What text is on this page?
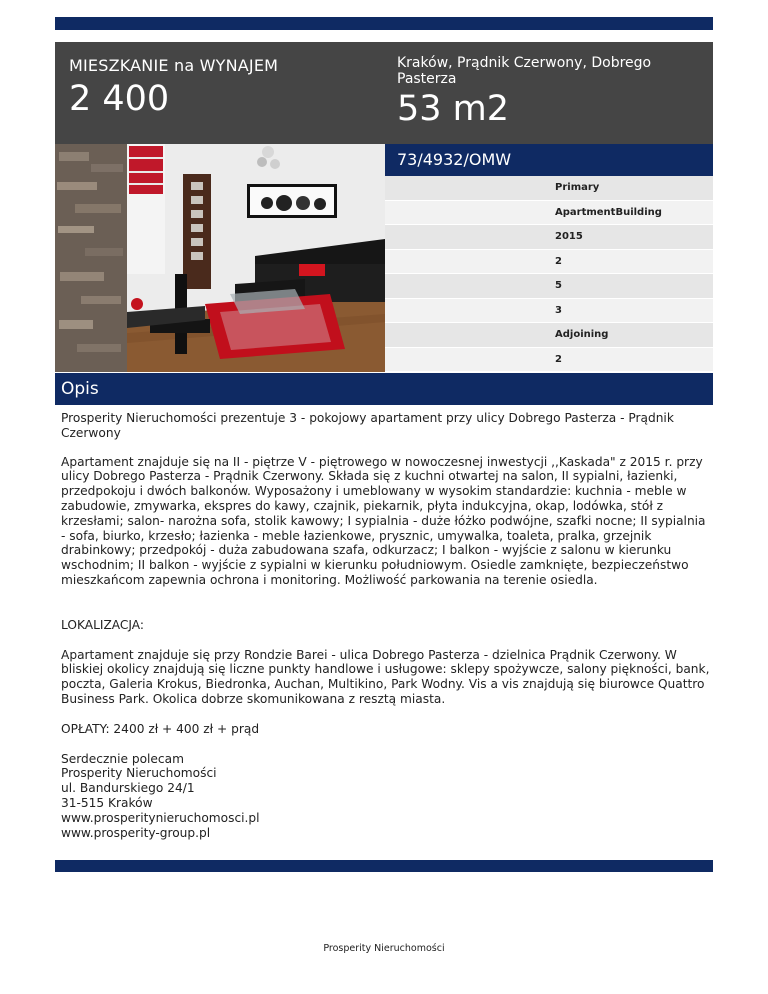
MIESZKANIE na WYNAJEM
2 400
Kraków, Prądnik Czerwony, Dobrego Pasterza
53 m2
73/4932/OMW
Primary
ApartmentBuilding
2015
2
5
3
Adjoining
2
Opis

Prosperity Nieruchomości prezentuje 3 - pokojowy apartament przy ulicy Dobrego Pasterza - Prądnik Czerwony

Apartament znajduje się na II - piętrze V - piętrowego w nowoczesnej inwestycji ,,Kaskada" z 2015 r. przy ulicy Dobrego Pasterza - Prądnik Czerwony. Składa się z kuchni otwartej na salon, II sypialni, łazienki, przedpokoju i dwóch balkonów. Wyposażony i umeblowany w wysokim standardzie: kuchnia - meble w zabudowie, zmywarka, ekspres do kawy, czajnik, piekarnik, płyta indukcyjna, okap, lodówka, stół z krzesłami; salon- narożna sofa, stolik kawowy; I sypialnia - duże łóżko podwójne, szafki nocne; II sypialnia - sofa, biurko, krzesło; łazienka - meble łazienkowe, prysznic, umywalka, toaleta, pralka, grzejnik drabinkowy; przedpokój - duża zabudowana szafa, odkurzacz; I balkon - wyjście z salonu w kierunku wschodnim; II balkon - wyjście z sypialni w kierunku południowym. Osiedle zamknięte, bezpieczeństwo mieszkańcom zapewnia ochrona i monitoring. Możliwość parkowania na terenie osiedla.

LOKALIZACJA:

Apartament znajduje się przy Rondzie Barei - ulica Dobrego Pasterza - dzielnica Prądnik Czerwony. W bliskiej okolicy znajdują się liczne punkty handlowe i usługowe: sklepy spożywcze, salony piękności, bank, poczta, Galeria Krokus, Biedronka, Auchan, Multikino, Park Wodny. Vis a vis znajdują się biurowce Quattro Business Park. Okolica dobrze skomunikowana z resztą miasta.

OPŁATY: 2400 zł + 400 zł + prąd

Serdecznie polecam

Prosperity Nieruchomości

ul. Bandurskiego 24/1

31-515 Kraków

www.prosperitynieruchomosci.pl

www.prosperity-group.pl

Prosperity Nieruchomości
